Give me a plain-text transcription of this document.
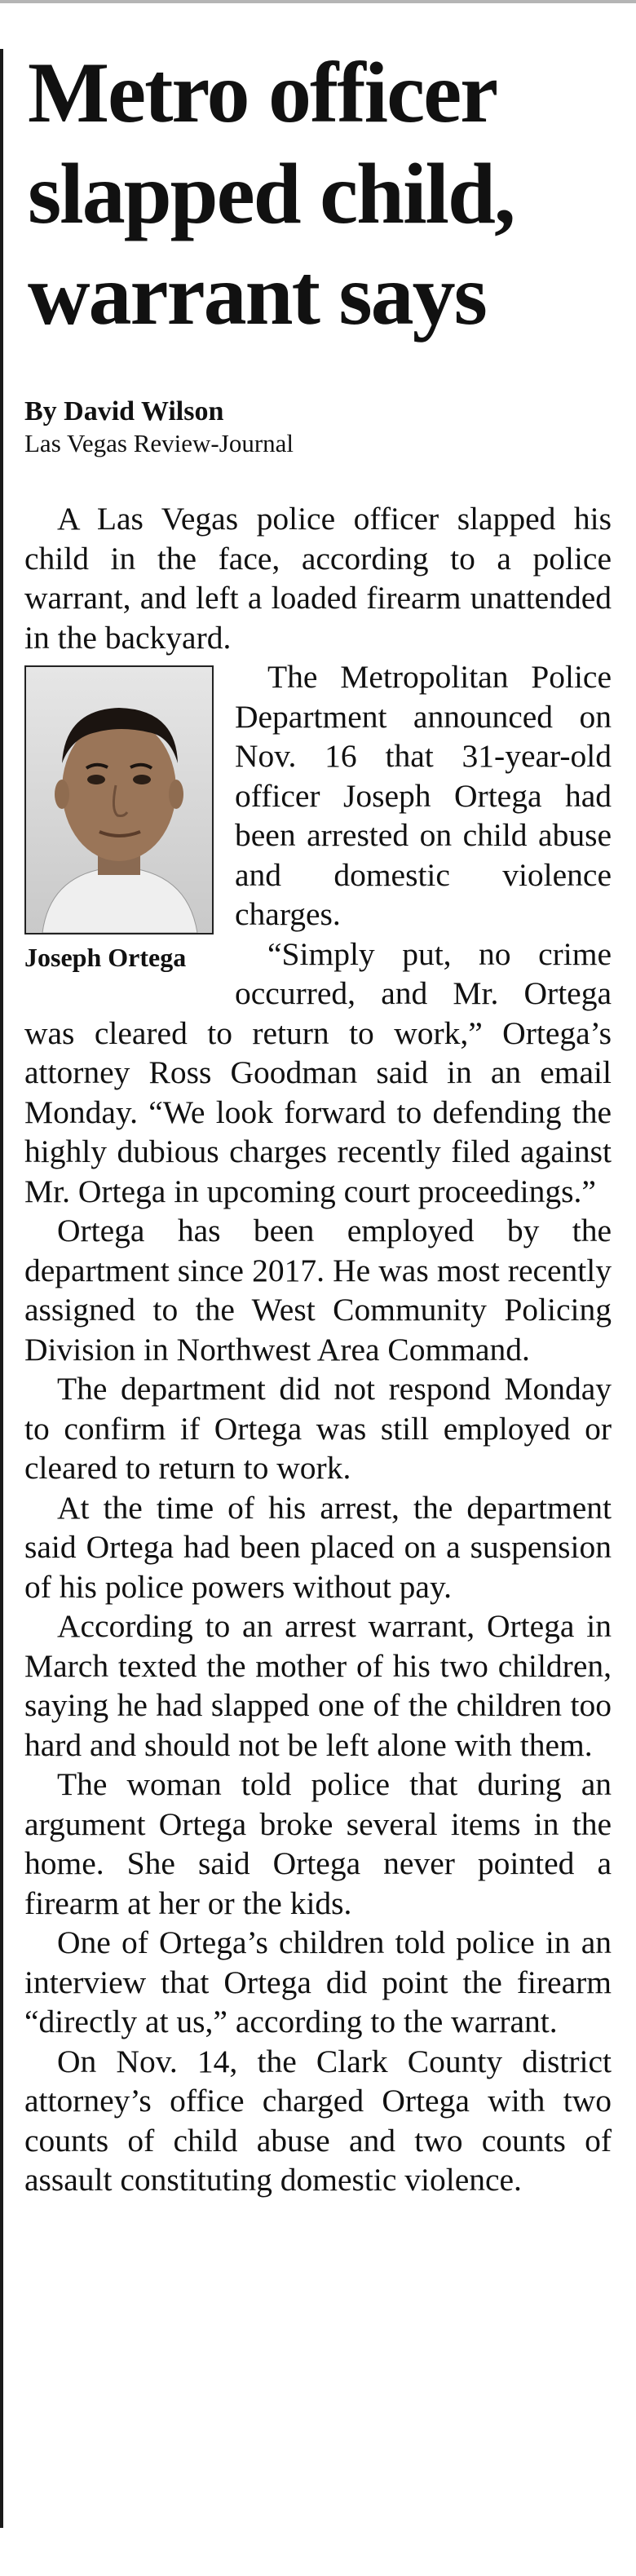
Metro officer slapped child, warrant says
By David Wilson
Las Vegas Review-Journal

A Las Vegas police officer slapped his child in the face, according to a police warrant, and left a loaded firearm unattended in the backyard.

Joseph Ortega

The Metropolitan Police Department announced on Nov. 16 that 31-year-old officer Joseph Ortega had been arrested on child abuse and domestic violence charges.

“Simply put, no crime occurred, and Mr. Ortega was cleared to return to work,” Ortega’s attorney Ross Goodman said in an email Monday. “We look forward to defending the highly dubious charges recently filed against Mr. Ortega in upcoming court proceedings.”

Ortega has been employed by the department since 2017. He was most recently assigned to the West Community Policing Division in Northwest Area Command.

The department did not respond Monday to confirm if Ortega was still employed or cleared to return to work.

At the time of his arrest, the department said Ortega had been placed on a suspension of his police powers without pay.

According to an arrest warrant, Ortega in March texted the mother of his two children, saying he had slapped one of the children too hard and should not be left alone with them.

The woman told police that during an argument Ortega broke several items in the home. She said Ortega never pointed a firearm at her or the kids.

One of Ortega’s children told police in an interview that Ortega did point the firearm “directly at us,” according to the warrant.

On Nov. 14, the Clark County district attorney’s office charged Ortega with two counts of child abuse and two counts of assault constituting domestic violence.
